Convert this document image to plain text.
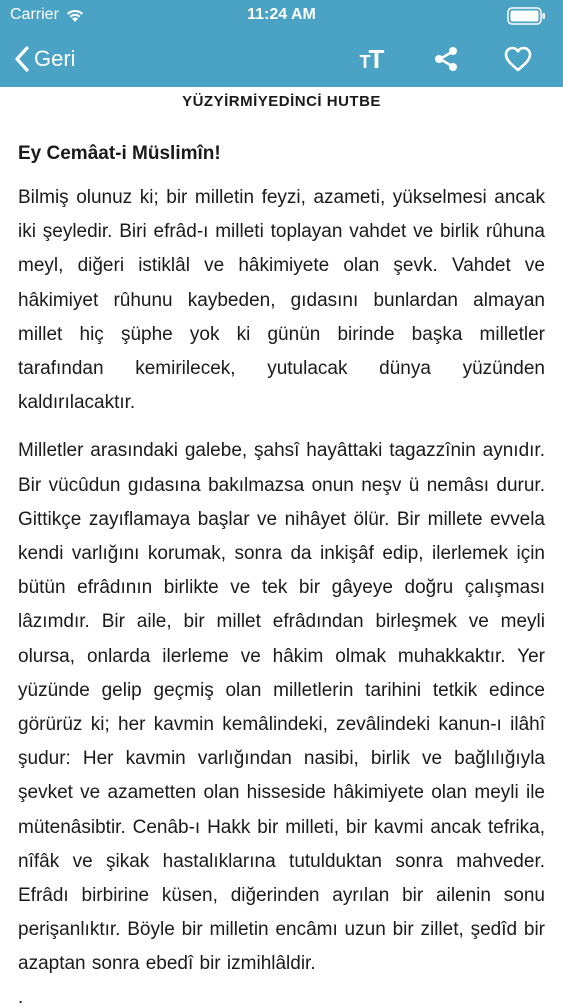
Carrier	11:24 AM
Geri	TT
YÜZYİRMİYEDİNCİ HUTBE
Ey Cemâat-i Müslimîn!

Bilmiş olunuz ki; bir milletin feyzi, azameti, yükselmesi ancak iki şeyledir. Biri efrâd-ı milleti toplayan vahdet ve birlik rûhuna meyl, diğeri istiklâl ve hâkimiyete olan şevk. Vahdet ve hâkimiyet rûhunu kaybeden, gıdasını bunlardan almayan millet hiç şüphe yok ki günün birinde başka milletler tarafından kemirilecek, yutulacak dünya yüzünden kaldırılacaktır.

Milletler arasındaki galebe, şahsî hayâttaki tagazzînin aynıdır. Bir vücûdun gıdasına bakılmazsa onun neşv ü nemâsı durur. Gittikçe zayıflamaya başlar ve nihâyet ölür. Bir millete evvela kendi varlığını korumak, sonra da inkişâf edip, ilerlemek için bütün efrâdının birlikte ve tek bir gâyeye doğru çalışması lâzımdır. Bir aile, bir millet efrâdından birleşmek ve meyli olursa, onlarda ilerleme ve hâkim olmak muhakkaktır. Yer yüzünde gelip geçmiş olan milletlerin tarihini tetkik edince görürüz ki; her kavmin kemâlindeki, zevâlindeki kanun-ı ilâhî şudur: Her kavmin varlığından nasibi, birlik ve bağlılığıyla şevket ve azametten olan hisseside hâkimiyete olan meyli ile mütenâsibtir. Cenâb-ı Hakk bir milleti, bir kavmi ancak tefrika, nîfâk ve şikak hastalıklarına tutulduktan sonra mahveder. Efrâdı birbirine küsen, diğerinden ayrılan bir ailenin sonu perişanlıktır. Böyle bir milletin encâmı uzun bir zillet, şedîd bir azaptan sonra ebedî bir izmihlâldir.

.
